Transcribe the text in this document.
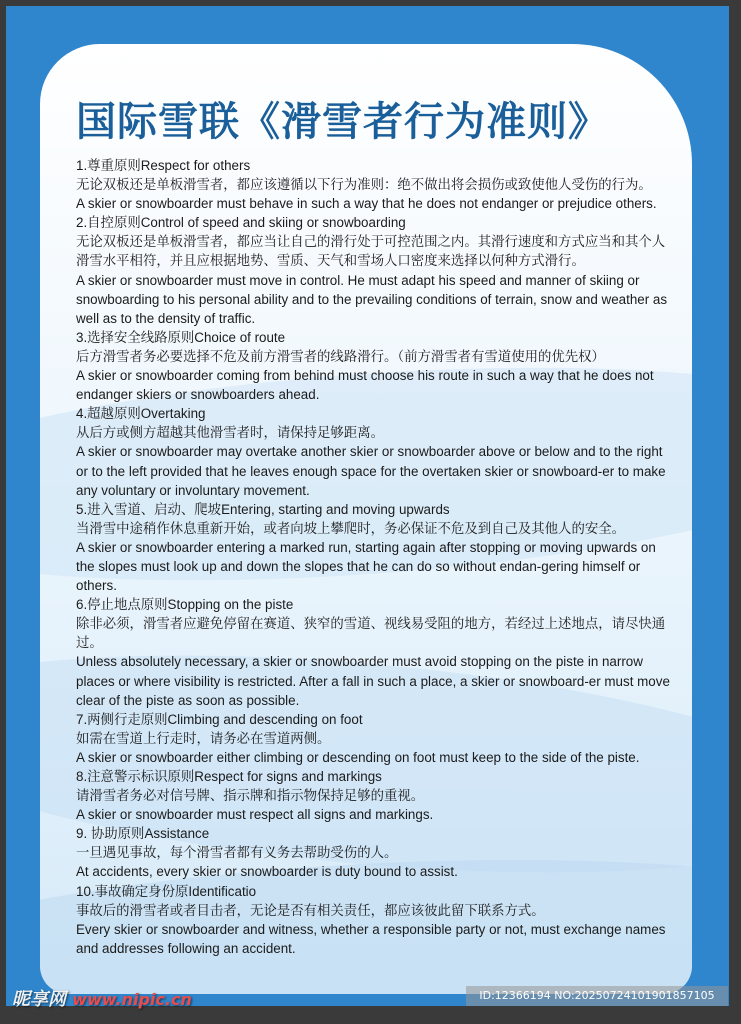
国际雪联《滑雪者行为准则》

1.尊重原则Respect for others

无论双板还是单板滑雪者，都应该遵循以下行为准则：绝不做出将会损伤或致使他人受伤的行为。

A skier or snowboarder must behave in such a way that he does not endanger or prejudice others.

2.自控原则Control of speed and skiing or snowboarding

无论双板还是单板滑雪者，都应当让自己的滑行处于可控范围之内。其滑行速度和方式应当和其个人滑雪水平相符，并且应根据地势、雪质、天气和雪场人口密度来选择以何种方式滑行。

A skier or snowboarder must move in control. He must adapt his speed and manner of skiing or snowboarding to his personal ability and to the prevailing conditions of terrain, snow and weather as well as to the density of traffic.

3.选择安全线路原则Choice of route

后方滑雪者务必要选择不危及前方滑雪者的线路滑行。（前方滑雪者有雪道使用的优先权）

A skier or snowboarder coming from behind must choose his route in such a way that he does not endanger skiers or snowboarders ahead.

4.超越原则Overtaking

从后方或侧方超越其他滑雪者时，请保持足够距离。

A skier or snowboarder may overtake another skier or snowboarder above or below and to the right or to the left provided that he leaves enough space for the overtaken skier or snowboard-er to make any voluntary or involuntary movement.

5.进入雪道、启动、爬坡Entering, starting and moving upwards

当滑雪中途稍作休息重新开始，或者向坡上攀爬时，务必保证不危及到自己及其他人的安全。

A skier or snowboarder entering a marked run, starting again after stopping or moving upwards on the slopes must look up and down the slopes that he can do so without endan-gering himself or others.

6.停止地点原则Stopping on the piste

除非必须，滑雪者应避免停留在赛道、狭窄的雪道、视线易受阻的地方，若经过上述地点，请尽快通过。

Unless absolutely necessary, a skier or snowboarder must avoid stopping on the piste in narrow places or where visibility is restricted. After a fall in such a place, a skier or snowboard-er must move clear of the piste as soon as possible.

7.两侧行走原则Climbing and descending on foot

如需在雪道上行走时，请务必在雪道两侧。

A skier or snowboarder either climbing or descending on foot must keep to the side of the piste.

8.注意警示标识原则Respect for signs and markings

请滑雪者务必对信号牌、指示牌和指示物保持足够的重视。

A skier or snowboarder must respect all signs and markings.

9. 协助原则Assistance

一旦遇见事故，每个滑雪者都有义务去帮助受伤的人。

At accidents, every skier or snowboarder is duty bound to assist.

10.事故确定身份原Identificatio

事故后的滑雪者或者目击者，无论是否有相关责任，都应该彼此留下联系方式。

Every skier or snowboarder and witness, whether a responsible party or not, must exchange names and addresses following an accident.

昵享网 www.nipic.cn	ID:12366194 NO:20250724101901857105
